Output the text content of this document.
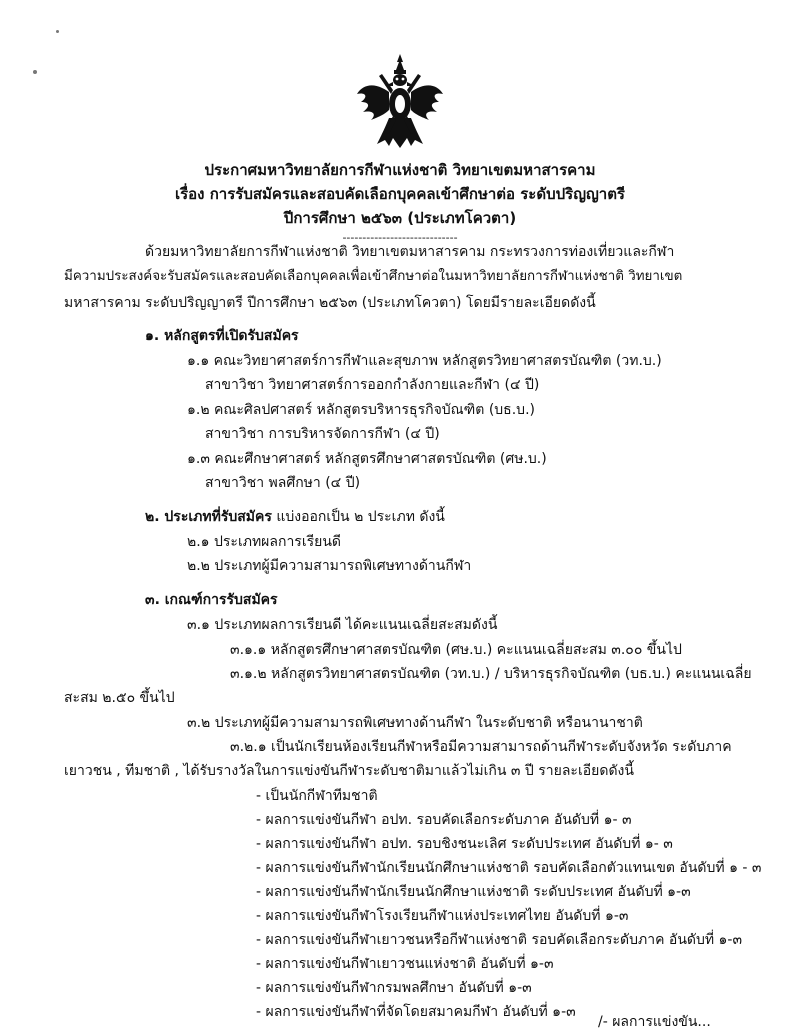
ประกาศมหาวิทยาลัยการกีฬาแห่งชาติ วิทยาเขตมหาสารคาม
เรื่อง การรับสมัครและสอบคัดเลือกบุคคลเข้าศึกษาต่อ ระดับปริญญาตรี
ปีการศึกษา ๒๕๖๓ (ประเภทโควตา)
-----------------------------
ด้วยมหาวิทยาลัยการกีฬาแห่งชาติ วิทยาเขตมหาสารคาม กระทรวงการท่องเที่ยวและกีฬา
มีความประสงค์จะรับสมัครและสอบคัดเลือกบุคคลเพื่อเข้าศึกษาต่อในมหาวิทยาลัยการกีฬาแห่งชาติ วิทยาเขต
มหาสารคาม ระดับปริญญาตรี ปีการศึกษา ๒๕๖๓ (ประเภทโควตา) โดยมีรายละเอียดดังนี้
๑. หลักสูตรที่เปิดรับสมัคร
๑.๑ คณะวิทยาศาสตร์การกีฬาและสุขภาพ หลักสูตรวิทยาศาสตรบัณฑิต (วท.บ.)
สาขาวิชา วิทยาศาสตร์การออกกำลังกายและกีฬา (๔ ปี)
๑.๒ คณะศิลปศาสตร์ หลักสูตรบริหารธุรกิจบัณฑิต (บธ.บ.)
สาขาวิชา การบริหารจัดการกีฬา (๔ ปี)
๑.๓ คณะศึกษาศาสตร์ หลักสูตรศึกษาศาสตรบัณฑิต (ศษ.บ.)
สาขาวิชา พลศึกษา (๔ ปี)
๒. ประเภทที่รับสมัคร แบ่งออกเป็น ๒ ประเภท ดังนี้
๒.๑ ประเภทผลการเรียนดี
๒.๒ ประเภทผู้มีความสามารถพิเศษทางด้านกีฬา
๓. เกณฑ์การรับสมัคร
๓.๑ ประเภทผลการเรียนดี ได้คะแนนเฉลี่ยสะสมดังนี้
๓.๑.๑ หลักสูตรศึกษาศาสตรบัณฑิต (ศษ.บ.) คะแนนเฉลี่ยสะสม ๓.๐๐ ขึ้นไป
๓.๑.๒ หลักสูตรวิทยาศาสตรบัณฑิต (วท.บ.) / บริหารธุรกิจบัณฑิต (บธ.บ.) คะแนนเฉลี่ย
สะสม ๒.๕๐ ขึ้นไป
๓.๒ ประเภทผู้มีความสามารถพิเศษทางด้านกีฬา ในระดับชาติ หรือนานาชาติ
๓.๒.๑ เป็นนักเรียนห้องเรียนกีฬาหรือมีความสามารถด้านกีฬาระดับจังหวัด ระดับภาค
เยาวชน , ทีมชาติ , ได้รับรางวัลในการแข่งขันกีฬาระดับชาติมาแล้วไม่เกิน ๓ ปี รายละเอียดดังนี้
- เป็นนักกีฬาทีมชาติ
- ผลการแข่งขันกีฬา อปท. รอบคัดเลือกระดับภาค อันดับที่ ๑- ๓
- ผลการแข่งขันกีฬา อปท. รอบชิงชนะเลิศ ระดับประเทศ อันดับที่ ๑- ๓
- ผลการแข่งขันกีฬานักเรียนนักศึกษาแห่งชาติ รอบคัดเลือกตัวแทนเขต อันดับที่ ๑ - ๓
- ผลการแข่งขันกีฬานักเรียนนักศึกษาแห่งชาติ ระดับประเทศ อันดับที่ ๑-๓
- ผลการแข่งขันกีฬาโรงเรียนกีฬาแห่งประเทศไทย อันดับที่ ๑-๓
- ผลการแข่งขันกีฬาเยาวชนหรือกีฬาแห่งชาติ รอบคัดเลือกระดับภาค อันดับที่ ๑-๓
- ผลการแข่งขันกีฬาเยาวชนแห่งชาติ อันดับที่ ๑-๓
- ผลการแข่งขันกีฬากรมพลศึกษา อันดับที่ ๑-๓
- ผลการแข่งขันกีฬาที่จัดโดยสมาคมกีฬา อันดับที่ ๑-๓
/- ผลการแข่งขัน...
